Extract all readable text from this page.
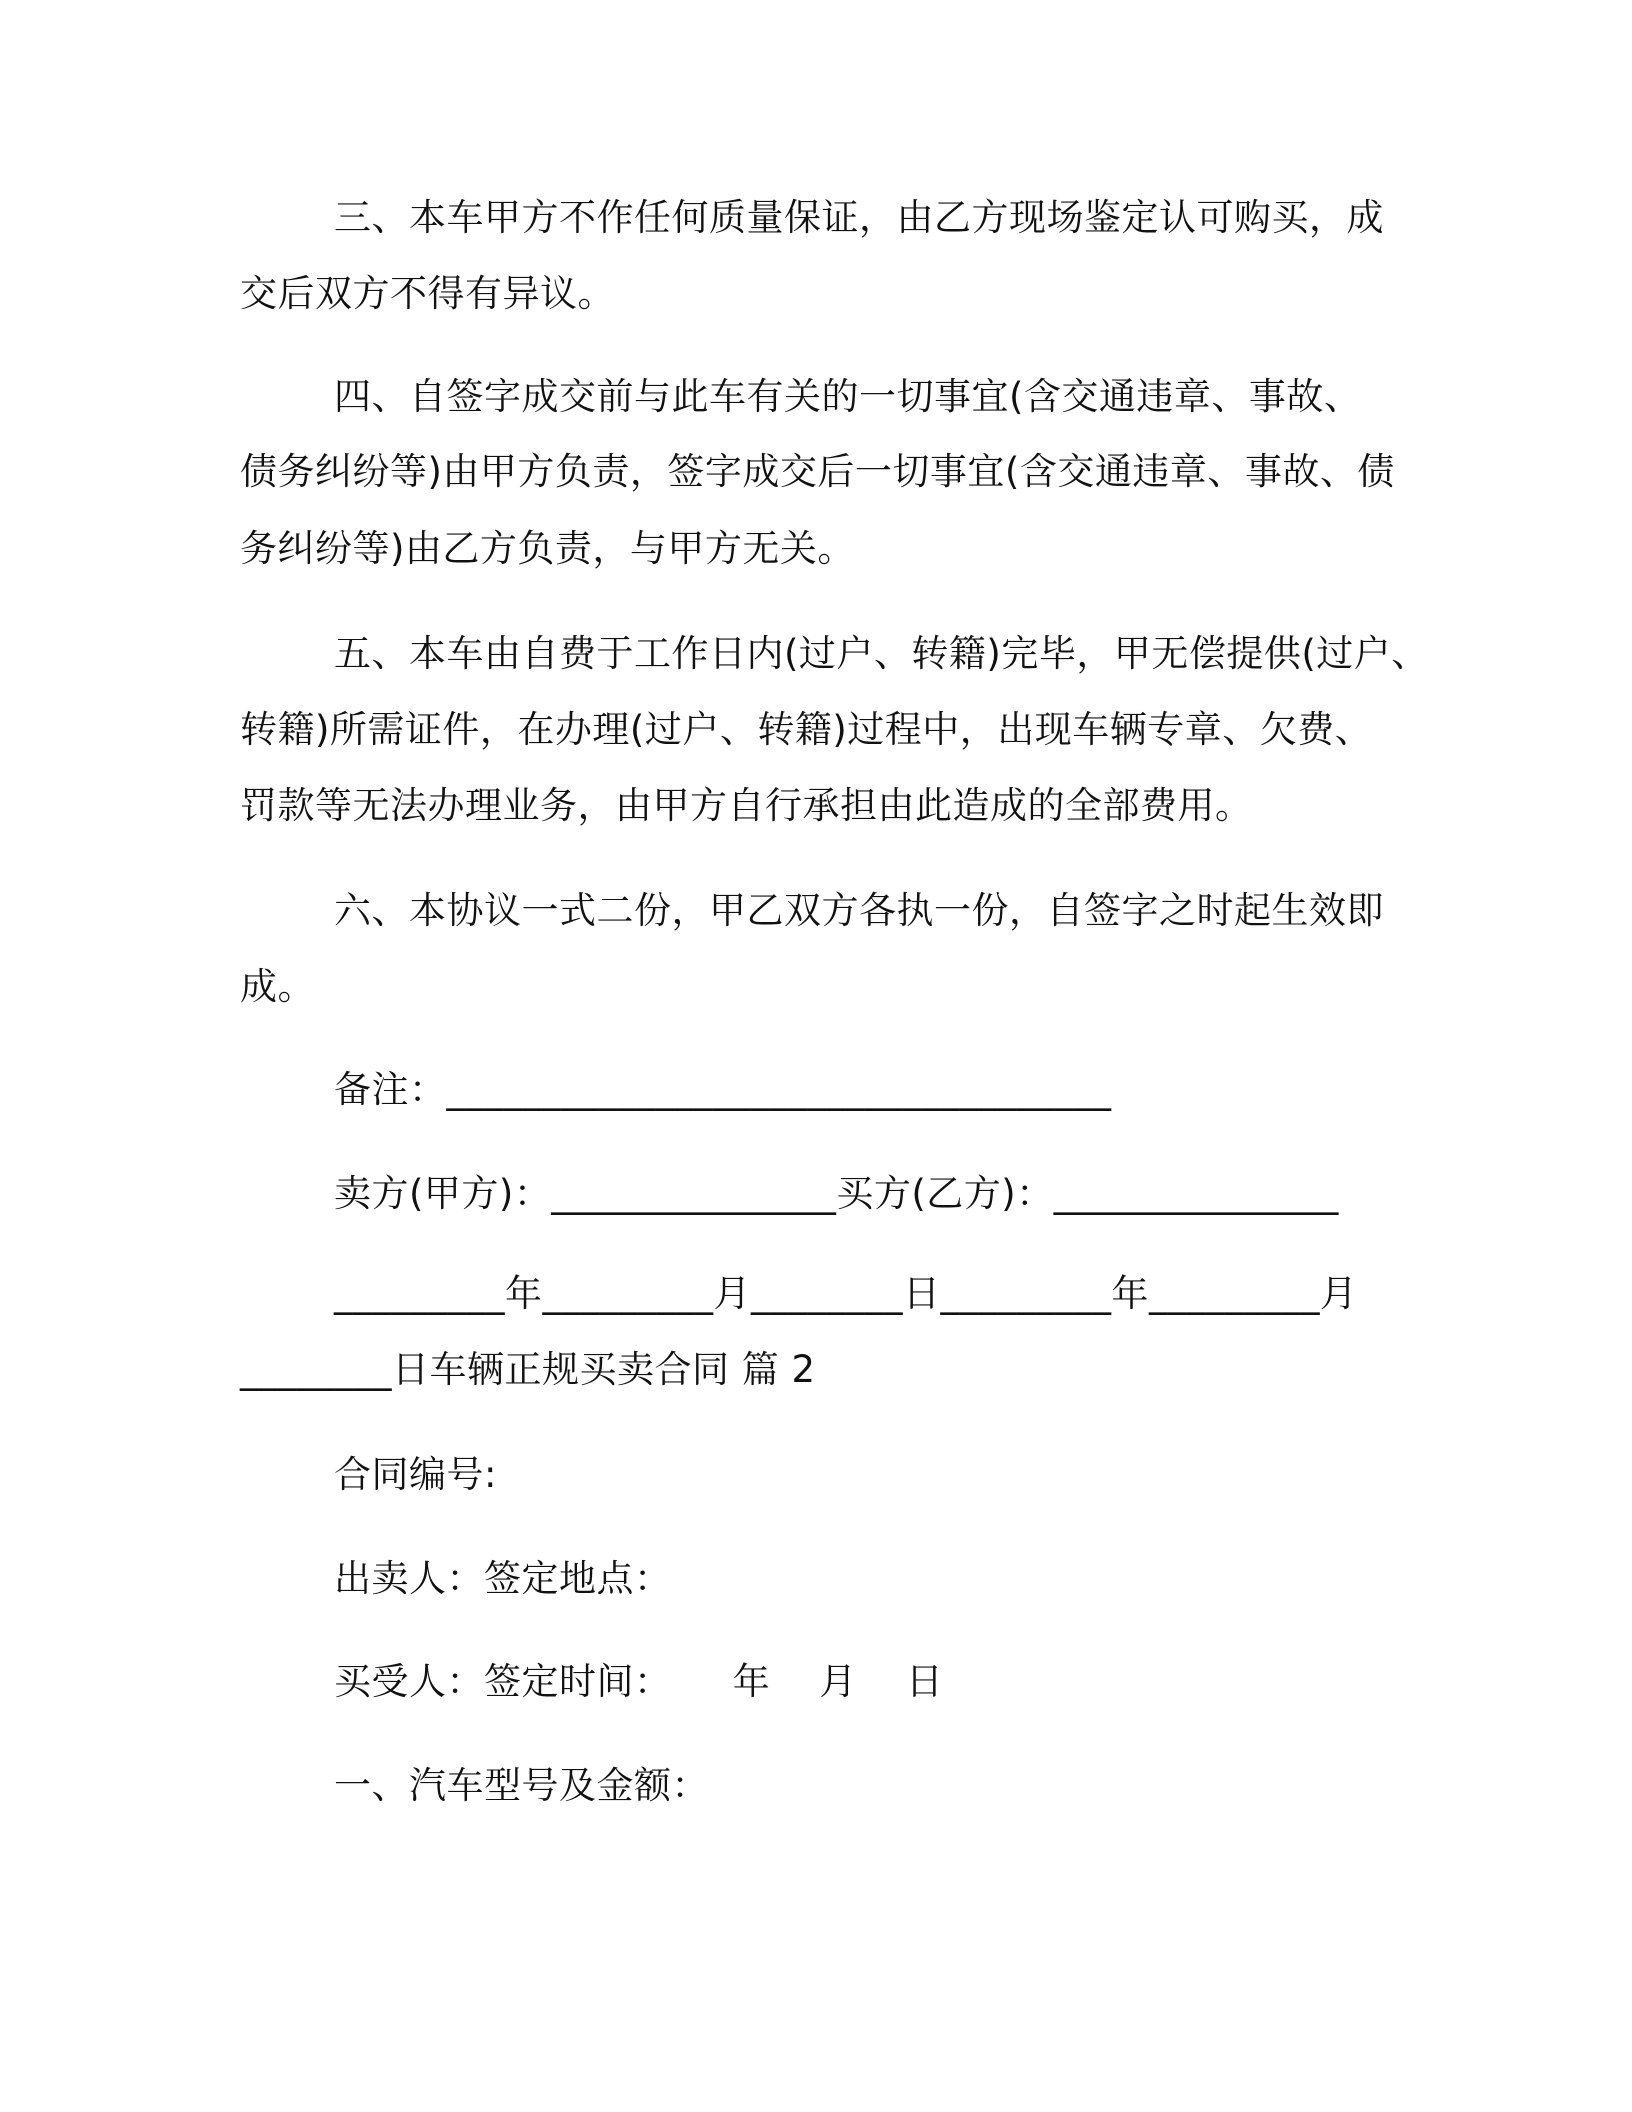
三、本车甲方不作任何质量保证，由乙方现场鉴定认可购买，成
交后双方不得有异议。
四、自签字成交前与此车有关的一切事宜(含交通违章、事故、
债务纠纷等)由甲方负责，签字成交后一切事宜(含交通违章、事故、债
务纠纷等)由乙方负责，与甲方无关。
五、本车由自费于工作日内(过户、转籍)完毕，甲无偿提供(过户、
转籍)所需证件，在办理(过户、转籍)过程中，出现车辆专章、欠费、
罚款等无法办理业务，由甲方自行承担由此造成的全部费用。
六、本协议一式二份，甲乙双方各执一份，自签字之时起生效即
成。
备注：___________________________________
卖方(甲方)：_______________买方(乙方)：_______________
_________年_________月________日_________年_________月
________日车辆正规买卖合同 篇 2
合同编号:
出卖人：签定地点：
买受人：签定时间：     年    月    日
一、汽车型号及金额：
